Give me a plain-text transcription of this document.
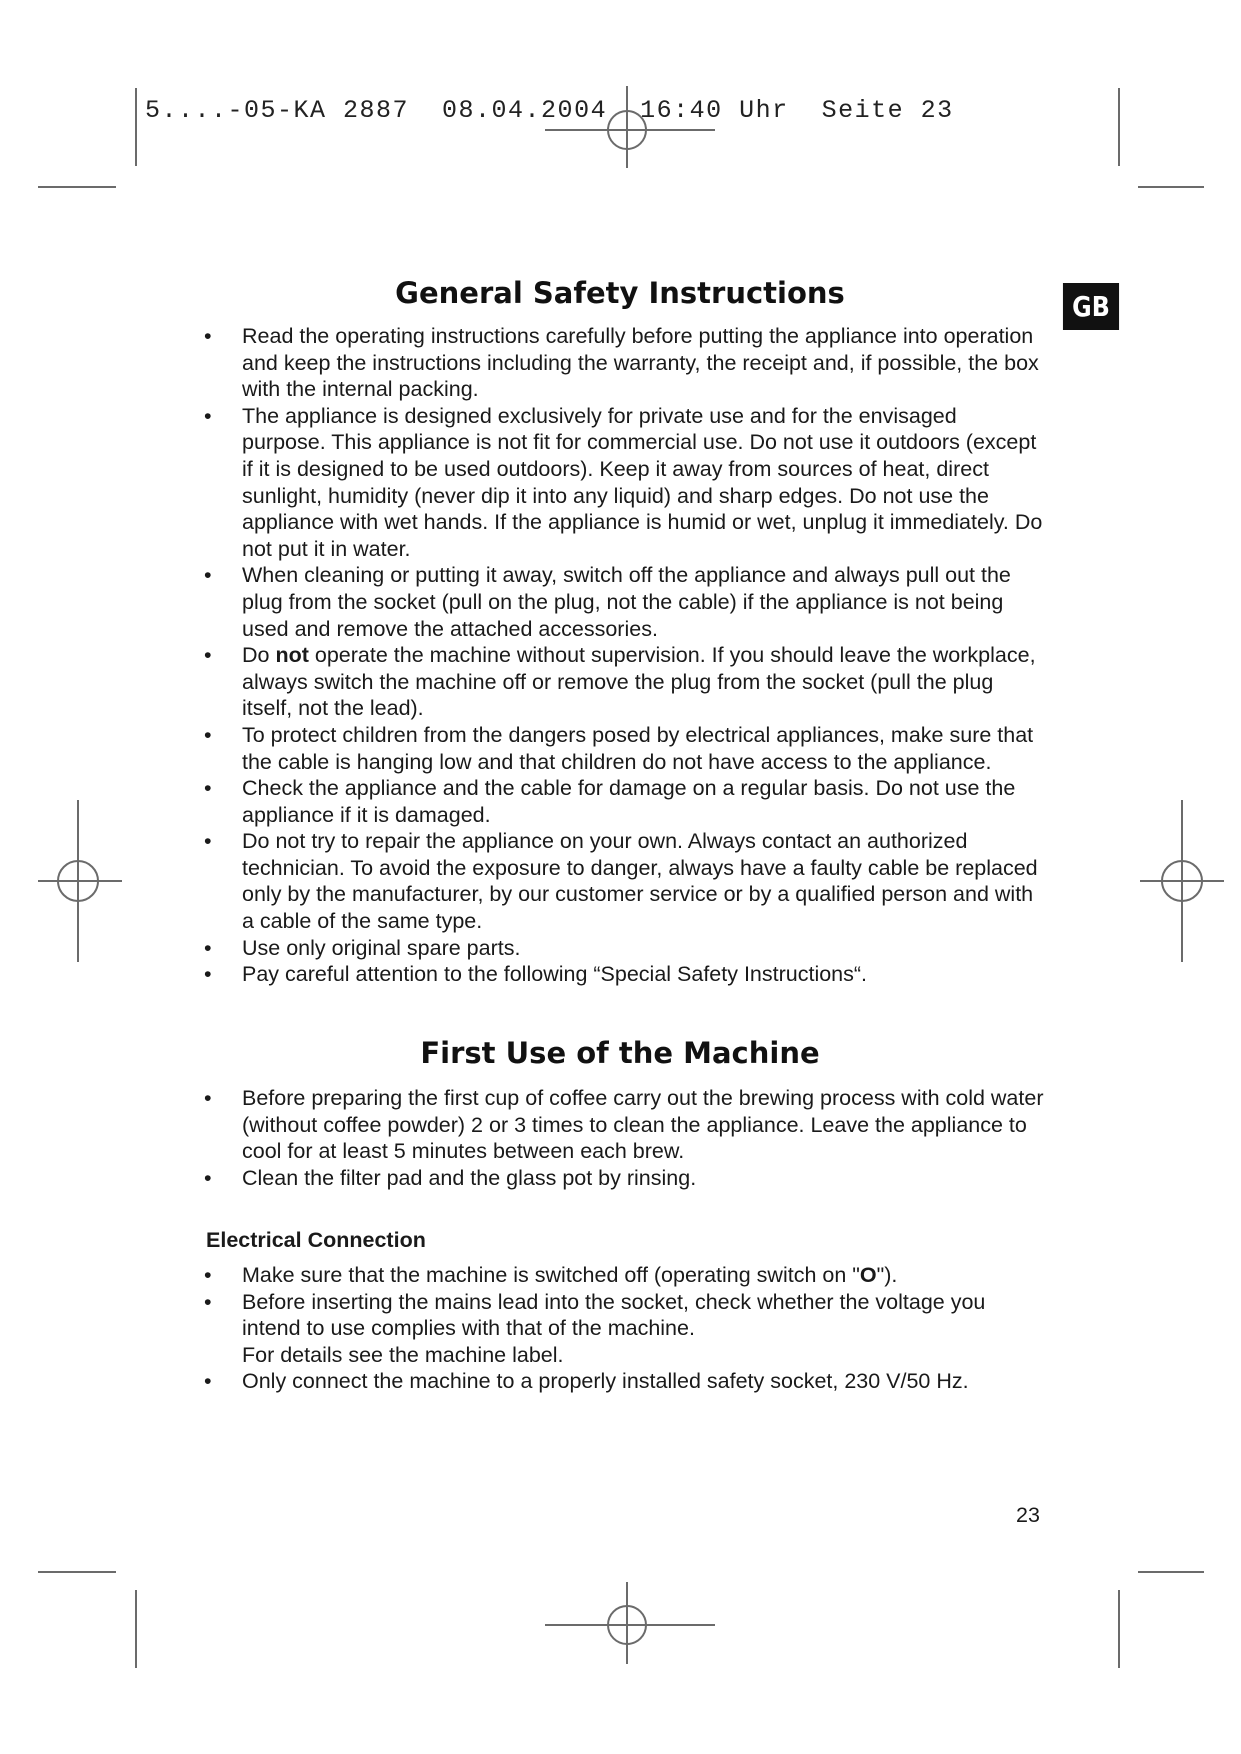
5....-05-KA 2887  08.04.2004  16:40 Uhr  Seite 23
General Safety Instructions	GB
• Read the operating instructions carefully before putting the appliance into operation and keep the instructions including the warranty, the receipt and, if possible, the box with the internal packing.
• The appliance is designed exclusively for private use and for the envisaged purpose. This appliance is not fit for commercial use. Do not use it outdoors (except if it is designed to be used outdoors). Keep it away from sources of heat, direct sunlight, humidity (never dip it into any liquid) and sharp edges. Do not use the appliance with wet hands. If the appliance is humid or wet, unplug it immediately. Do not put it in water.
• When cleaning or putting it away, switch off the appliance and always pull out the plug from the socket (pull on the plug, not the cable) if the appliance is not being used and remove the attached accessories.
• Do not operate the machine without supervision. If you should leave the workplace, always switch the machine off or remove the plug from the socket (pull the plug itself, not the lead).
• To protect children from the dangers posed by electrical appliances, make sure that the cable is hanging low and that children do not have access to the appliance.
• Check the appliance and the cable for damage on a regular basis. Do not use the appliance if it is damaged.
• Do not try to repair the appliance on your own. Always contact an authorized technician. To avoid the exposure to danger, always have a faulty cable be replaced only by the manufacturer, by our customer service or by a qualified person and with a cable of the same type.
• Use only original spare parts.
• Pay careful attention to the following “Special Safety Instructions“.
First Use of the Machine
• Before preparing the first cup of coffee carry out the brewing process with cold water (without coffee powder) 2 or 3 times to clean the appliance. Leave the appliance to cool for at least 5 minutes between each brew.
• Clean the filter pad and the glass pot by rinsing.
Electrical Connection
• Make sure that the machine is switched off (operating switch on "O").
• Before inserting the mains lead into the socket, check whether the voltage you intend to use complies with that of the machine.
For details see the machine label.
• Only connect the machine to a properly installed safety socket, 230 V/50 Hz.
23
